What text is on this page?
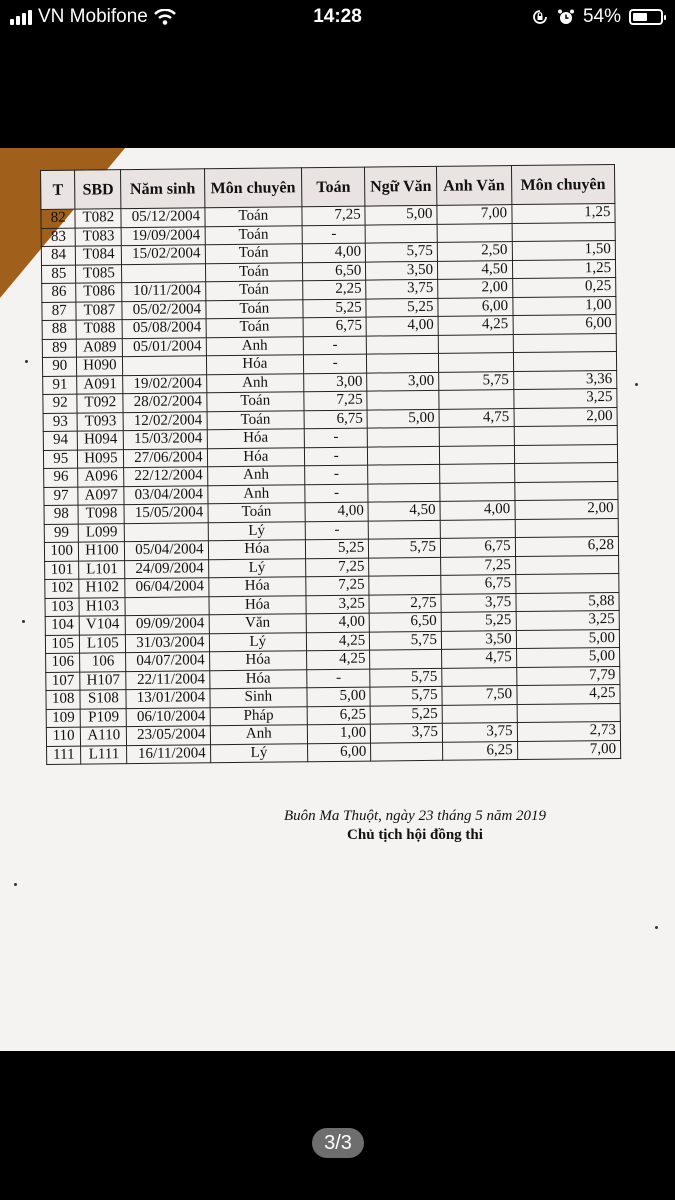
VN Mobifone	14:28	54%
T	SBD	Năm sinh	Môn chuyên	Toán	Ngữ Văn	Anh Văn	Môn chuyên
82	T082	05/12/2004	Toán	7,25	5,00	7,00	1,25
83	T083	19/09/2004	Toán	-			
84	T084	15/02/2004	Toán	4,00	5,75	2,50	1,50
85	T085		Toán	6,50	3,50	4,50	1,25
86	T086	10/11/2004	Toán	2,25	3,75	2,00	0,25
87	T087	05/02/2004	Toán	5,25	5,25	6,00	1,00
88	T088	05/08/2004	Toán	6,75	4,00	4,25	6,00
89	A089	05/01/2004	Anh	-			
90	H090		Hóa	-			
91	A091	19/02/2004	Anh	3,00	3,00	5,75	3,36
92	T092	28/02/2004	Toán	7,25			3,25
93	T093	12/02/2004	Toán	6,75	5,00	4,75	2,00
94	H094	15/03/2004	Hóa	-			
95	H095	27/06/2004	Hóa	-			
96	A096	22/12/2004	Anh	-			
97	A097	03/04/2004	Anh	-			
98	T098	15/05/2004	Toán	4,00	4,50	4,00	2,00
99	L099		Lý	-			
100	H100	05/04/2004	Hóa	5,25	5,75	6,75	6,28
101	L101	24/09/2004	Lý	7,25		7,25	
102	H102	06/04/2004	Hóa	7,25		6,75	
103	H103		Hóa	3,25	2,75	3,75	5,88
104	V104	09/09/2004	Văn	4,00	6,50	5,25	3,25
105	L105	31/03/2004	Lý	4,25	5,75	3,50	5,00
106	106	04/07/2004	Hóa	4,25		4,75	5,00
107	H107	22/11/2004	Hóa	-	5,75		7,79
108	S108	13/01/2004	Sinh	5,00	5,75	7,50	4,25
109	P109	06/10/2004	Pháp	6,25	5,25		
110	A110	23/05/2004	Anh	1,00	3,75	3,75	2,73
111	L111	16/11/2004	Lý	6,00		6,25	7,00
Buôn Ma Thuột, ngày 23 tháng 5 năm 2019
Chủ tịch hội đồng thi
3/3
